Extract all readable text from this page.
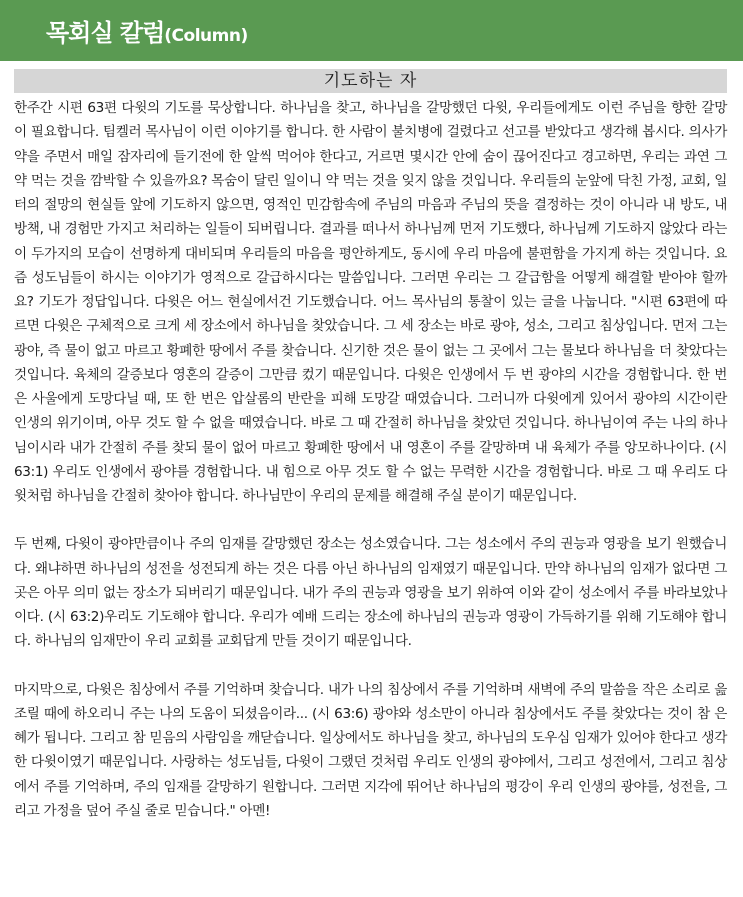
목회실 칼럼(Column)
기도하는 자

한주간 시편 63편 다윗의 기도를 묵상합니다. 하나님을 찾고, 하나님을 갈망했던 다윗, 우리들에게도 이런 주님을 향한 갈망이 필요합니다. 팀켈러 목사님이 이런 이야기를 합니다. 한 사람이 불치병에 걸렸다고 선고를 받았다고 생각해 봅시다. 의사가 약을 주면서 매일 잠자리에 들기전에 한 알씩 먹어야 한다고, 거르면 몇시간 안에 숨이 끊어진다고 경고하면, 우리는 과연 그 약 먹는 것을 깜박할 수 있을까요? 목숨이 달린 일이니 약 먹는 것을 잊지 않을 것입니다. 우리들의 눈앞에 닥친 가정, 교회, 일터의 절망의 현실들 앞에 기도하지 않으면, 영적인 민감함속에 주님의 마음과 주님의 뜻을 결정하는 것이 아니라 내 방도, 내 방책, 내 경험만 가지고 처리하는 일들이 되버립니다. 결과를 떠나서 하나님께 먼저 기도했다, 하나님께 기도하지 않았다 라는 이 두가지의 모습이 선명하게 대비되며 우리들의 마음을 평안하게도, 동시에 우리 마음에 불편함을 가지게 하는 것입니다. 요즘 성도님들이 하시는 이야기가 영적으로 갈급하시다는 말씀입니다. 그러면 우리는 그 갈급함을 어떻게 해결할 받아야 할까요? 기도가 정답입니다. 다윗은 어느 현실에서건 기도했습니다. 어느 목사님의 통찰이 있는 글을 나눕니다. "시편 63편에 따르면 다윗은 구체적으로 크게 세 장소에서 하나님을 찾았습니다. 그 세 장소는 바로 광야, 성소, 그리고 침상입니다. 먼저 그는 광야, 즉 물이 없고 마르고 황폐한 땅에서 주를 찾습니다. 신기한 것은 물이 없는 그 곳에서 그는 물보다 하나님을 더 찾았다는 것입니다. 육체의 갈증보다 영혼의 갈증이 그만큼 컸기 때문입니다. 다윗은 인생에서 두 번 광야의 시간을 경험합니다. 한 번은 사울에게 도망다닐 때, 또 한 번은 압살롬의 반란을 피해 도망갈 때였습니다. 그러니까 다윗에게 있어서 광야의 시간이란 인생의 위기이며, 아무 것도 할 수 없을 때였습니다. 바로 그 때 간절히 하나님을 찾았던 것입니다. 하나님이여 주는 나의 하나님이시라 내가 간절히 주를 찾되 물이 없어 마르고 황폐한 땅에서 내 영혼이 주를 갈망하며 내 육체가 주를 앙모하나이다. (시 63:1) 우리도 인생에서 광야를 경험합니다. 내 힘으로 아무 것도 할 수 없는 무력한 시간을 경험합니다. 바로 그 때 우리도 다윗처럼 하나님을 간절히 찾아야 합니다. 하나님만이 우리의 문제를 해결해 주실 분이기 때문입니다.

두 번째, 다윗이 광야만큼이나 주의 임재를 갈망했던 장소는 성소였습니다. 그는 성소에서 주의 권능과 영광을 보기 원했습니다. 왜냐하면 하나님의 성전을 성전되게 하는 것은 다름 아닌 하나님의 임재였기 때문입니다. 만약 하나님의 임재가 없다면 그곳은 아무 의미 없는 장소가 되버리기 때문입니다. 내가 주의 권능과 영광을 보기 위하여 이와 같이 성소에서 주를 바라보았나이다. (시 63:2)우리도 기도해야 합니다. 우리가 예배 드리는 장소에 하나님의 권능과 영광이 가득하기를 위해 기도해야 합니다. 하나님의 임재만이 우리 교회를 교회답게 만들 것이기 때문입니다.

마지막으로, 다윗은 침상에서 주를 기억하며 찾습니다. 내가 나의 침상에서 주를 기억하며 새벽에 주의 말씀을 작은 소리로 읊조릴 때에 하오리니 주는 나의 도움이 되셨음이라... (시 63:6) 광야와 성소만이 아니라 침상에서도 주를 찾았다는 것이 참 은혜가 됩니다. 그리고 참 믿음의 사람임을 깨닫습니다. 일상에서도 하나님을 찾고, 하나님의 도우심 임재가 있어야 한다고 생각한 다윗이였기 때문입니다. 사랑하는 성도님들, 다윗이 그랬던 것처럼 우리도 인생의 광야에서, 그리고 성전에서, 그리고 침상에서 주를 기억하며, 주의 임재를 갈망하기 원합니다. 그러면 지각에 뛰어난 하나님의 평강이 우리 인생의 광야를, 성전을, 그리고 가정을 덮어 주실 줄로 믿습니다." 아멘!
